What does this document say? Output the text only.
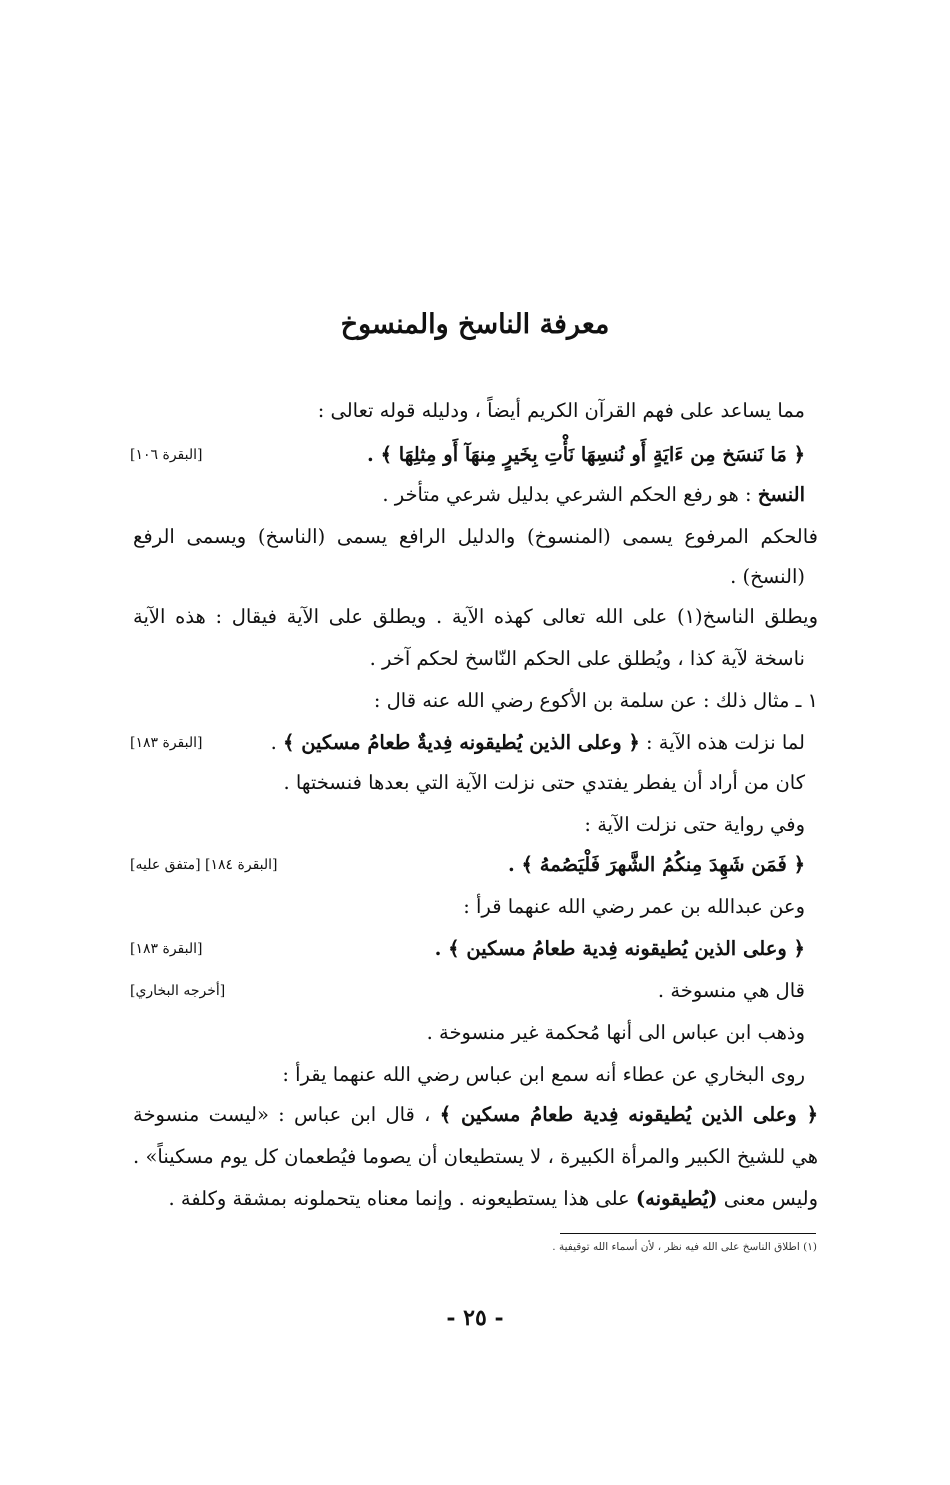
معرفة الناسخ والمنسوخ
مما يساعد على فهم القرآن الكريم أيضاً ، ودليله قوله تعالى :
﴿ مَا نَنسَخ مِن ءَايَةٍ أَو نُنسِهَا نَأْتِ بِخَيرٍ مِنهَآ أَو مِثلِهَا ﴾ .
[البقرة ١٠٦]
النسخ : هو رفع الحكم الشرعي بدليل شرعي متأخر .
فالحكم المرفوع يسمى (المنسوخ) والدليل الرافع يسمى (الناسخ) ويسمى الرفع
(النسخ) .
ويطلق الناسخ(١) على الله تعالى كهذه الآية . ويطلق على الآية فيقال : هذه الآية
ناسخة لآية كذا ، ويُطلق على الحكم النّاسخ لحكم آخر .
١ ـ مثال ذلك : عن سلمة بن الأكوع رضي الله عنه قال :
لما نزلت هذه الآية : ﴿ وعلى الذين يُطيقونه فِديةٌ طعامُ مسكين ﴾ .
[البقرة ١٨٣]
كان من أراد أن يفطر يفتدي حتى نزلت الآية التي بعدها فنسختها .
وفي رواية حتى نزلت الآية :
﴿ فَمَن شَهِدَ مِنكُمُ الشَّهرَ فَلْيَصُمهُ ﴾ .
[البقرة ١٨٤] [متفق عليه]
وعن عبدالله بن عمر رضي الله عنهما قرأ :
﴿ وعلى الذين يُطيقونه فِدية طعامُ مسكين ﴾ .
[البقرة ١٨٣]
قال هي منسوخة .
[أخرجه البخاري]
وذهب ابن عباس الى أنها مُحكمة غير منسوخة .
روى البخاري عن عطاء أنه سمع ابن عباس رضي الله عنهما يقرأ :
﴿ وعلى الذين يُطيقونه فِدية طعامُ مسكين ﴾ ، قال ابن عباس : «ليست منسوخة
هي للشيخ الكبير والمرأة الكبيرة ، لا يستطيعان أن يصوما فيُطعمان كل يوم مسكيناً» .
وليس معنى (يُطيقونه) على هذا يستطيعونه . وإنما معناه يتحملونه بمشقة وكلفة .
(١) اطلاق الناسخ على الله فيه نظر ، لأن أسماء الله توقيفية .
- ٢٥ -
